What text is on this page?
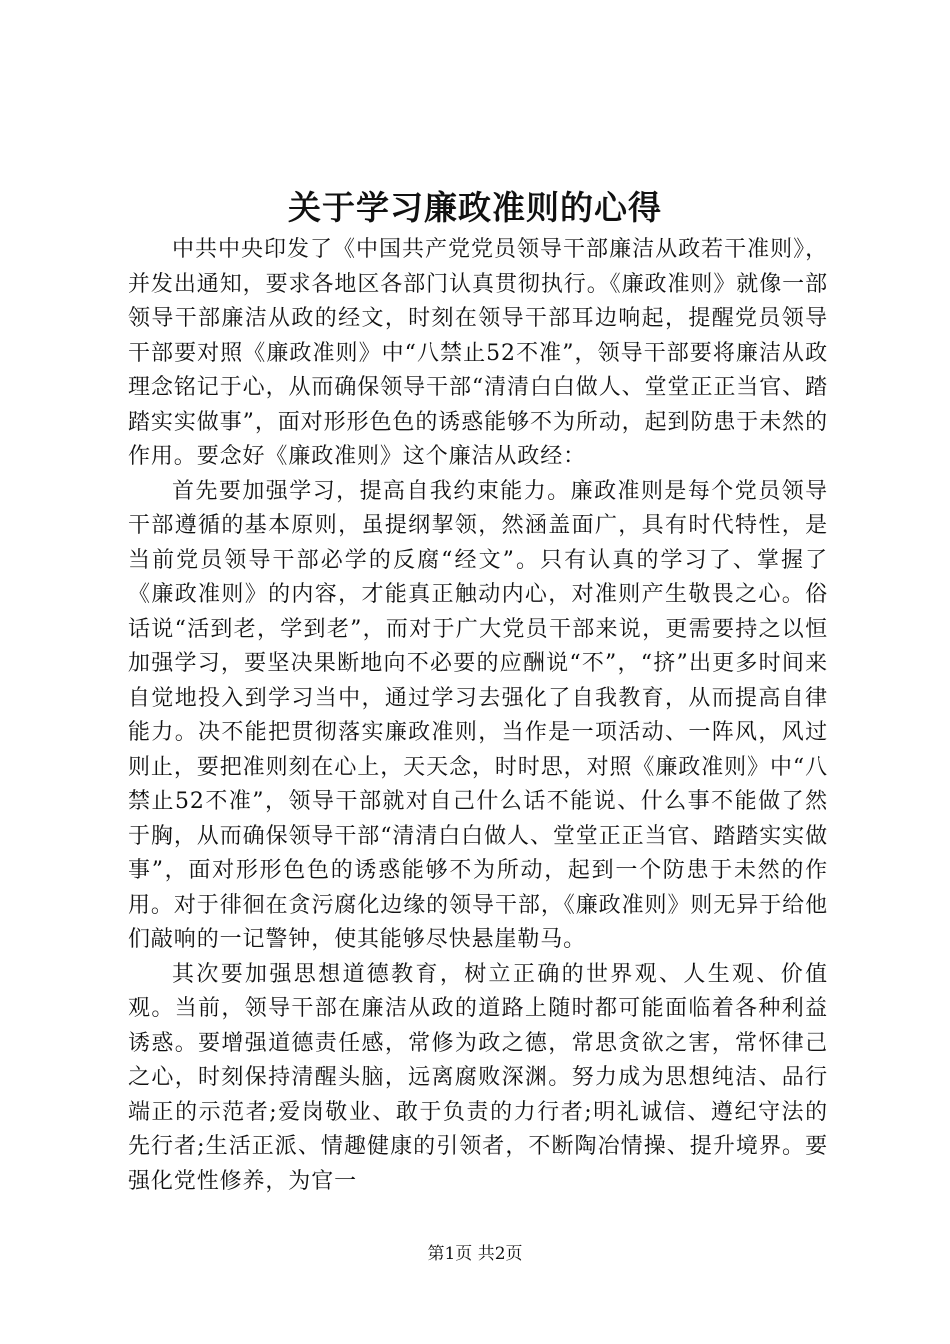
关于学习廉政准则的心得

中共中央印发了《中国共产党党员领导干部廉洁从政若干准则》，并发出通知，要求各地区各部门认真贯彻执行。《廉政准则》就像一部领导干部廉洁从政的经文，时刻在领导干部耳边响起，提醒党员领导干部要对照《廉政准则》中“八禁止52不准”，领导干部要将廉洁从政理念铭记于心，从而确保领导干部“清清白白做人、堂堂正正当官、踏踏实实做事”，面对形形色色的诱惑能够不为所动，起到防患于未然的作用。要念好《廉政准则》这个廉洁从政经：

首先要加强学习，提高自我约束能力。廉政准则是每个党员领导干部遵循的基本原则，虽提纲挈领，然涵盖面广，具有时代特性，是当前党员领导干部必学的反腐“经文”。只有认真的学习了、掌握了《廉政准则》的内容，才能真正触动内心，对准则产生敬畏之心。俗话说“活到老，学到老”，而对于广大党员干部来说，更需要持之以恒加强学习，要坚决果断地向不必要的应酬说“不”，“挤”出更多时间来自觉地投入到学习当中，通过学习去强化了自我教育，从而提高自律能力。决不能把贯彻落实廉政准则，当作是一项活动、一阵风，风过则止，要把准则刻在心上，天天念，时时思，对照《廉政准则》中“八禁止52不准”，领导干部就对自己什么话不能说、什么事不能做了然于胸，从而确保领导干部“清清白白做人、堂堂正正当官、踏踏实实做事”，面对形形色色的诱惑能够不为所动，起到一个防患于未然的作用。对于徘徊在贪污腐化边缘的领导干部，《廉政准则》则无异于给他们敲响的一记警钟，使其能够尽快悬崖勒马。

其次要加强思想道德教育，树立正确的世界观、人生观、价值观。当前，领导干部在廉洁从政的道路上随时都可能面临着各种利益诱惑。要增强道德责任感，常修为政之德，常思贪欲之害，常怀律己之心，时刻保持清醒头脑，远离腐败深渊。努力成为思想纯洁、品行端正的示范者;爱岗敬业、敢于负责的力行者;明礼诚信、遵纪守法的先行者;生活正派、情趣健康的引领者，不断陶冶情操、提升境界。要强化党性修养，为官一

第1页 共2页
